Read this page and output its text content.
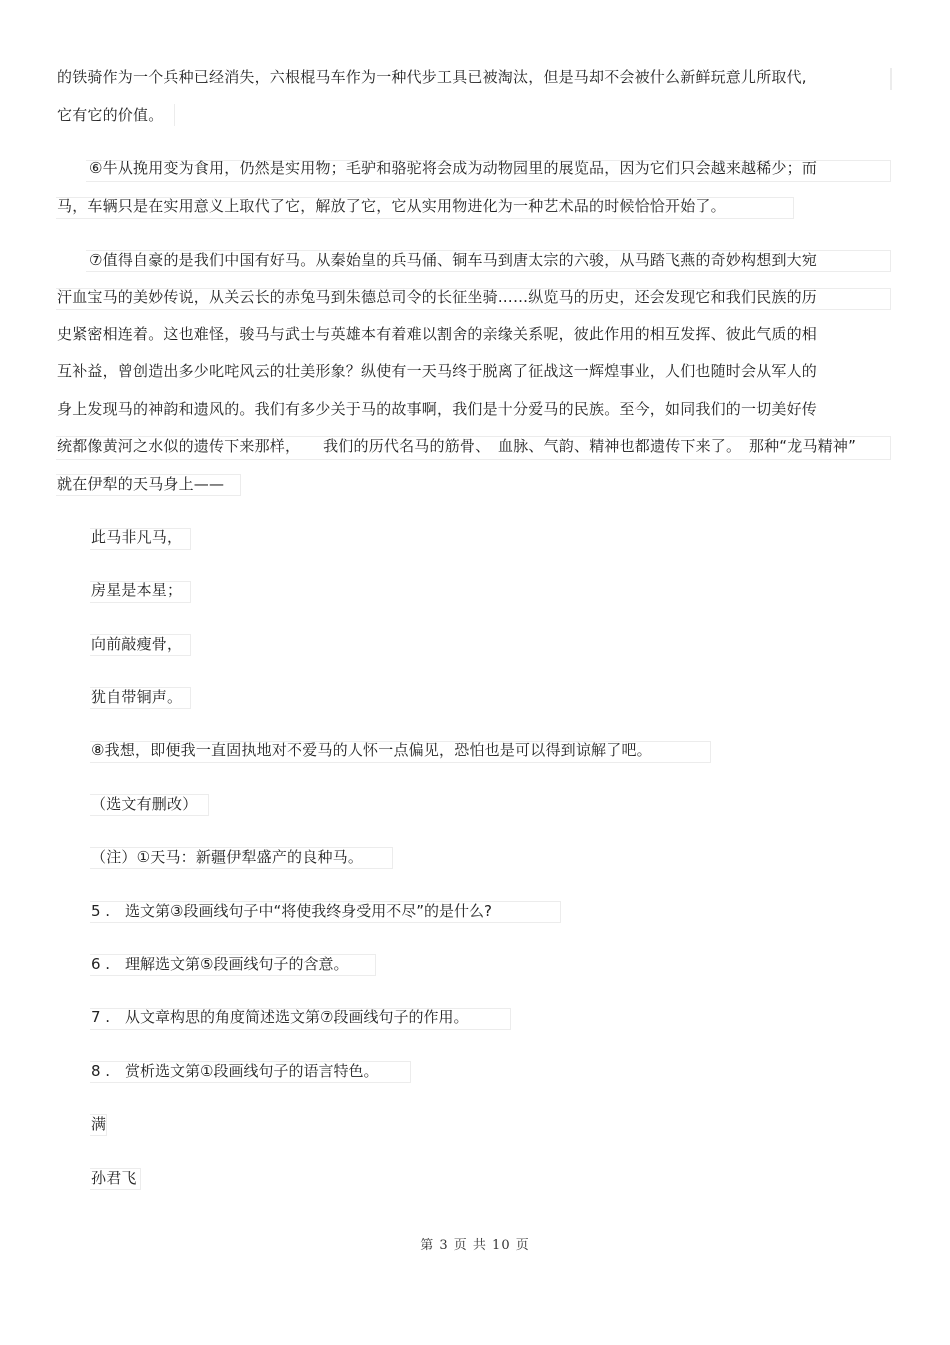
的铁骑作为一个兵种已经消失，六根棍马车作为一种代步工具已被淘汰，但是马却不会被什么新鲜玩意儿所取代,
它有它的价值。
⑥牛从挽用变为食用，仍然是实用物；毛驴和骆驼将会成为动物园里的展览品，因为它们只会越来越稀少；而
马，车辆只是在实用意义上取代了它，解放了它，它从实用物进化为一种艺术品的时候恰恰开始了。
⑦值得自豪的是我们中国有好马。从秦始皇的兵马俑、铜车马到唐太宗的六骏，从马踏飞燕的奇妙构想到大宛
汗血宝马的美妙传说，从关云长的赤兔马到朱德总司令的长征坐骑……纵览马的历史，还会发现它和我们民族的历
史紧密相连着。这也难怪，骏马与武士与英雄本有着难以割舍的亲缘关系呢，彼此作用的相互发挥、彼此气质的相
互补益，曾创造出多少叱咤风云的壮美形象？纵使有一天马终于脱离了征战这一辉煌事业，人们也随时会从军人的
身上发现马的神韵和遗风的。我们有多少关于马的故事啊，我们是十分爱马的民族。至今，如同我们的一切美好传
统都像黄河之水似的遗传下来那样，　　我们的历代名马的筋骨、　血脉、气韵、精神也都遗传下来了。　那种“龙马精神”
就在伊犁的天马身上——
此马非凡马，
房星是本星；
向前敲瘦骨，
犹自带铜声。
⑧我想，即便我一直固执地对不爱马的人怀一点偏见，恐怕也是可以得到谅解了吧。
（选文有删改）
（注）①天马：新疆伊犁盛产的良种马。
5 . 选文第③段画线句子中“将使我终身受用不尽”的是什么?
6 . 理解选文第⑤段画线句子的含意。
7 . 从文章构思的角度简述选文第⑦段画线句子的作用。
8 . 赏析选文第①段画线句子的语言特色。
满
孙君飞
第 3 页 共 10 页
